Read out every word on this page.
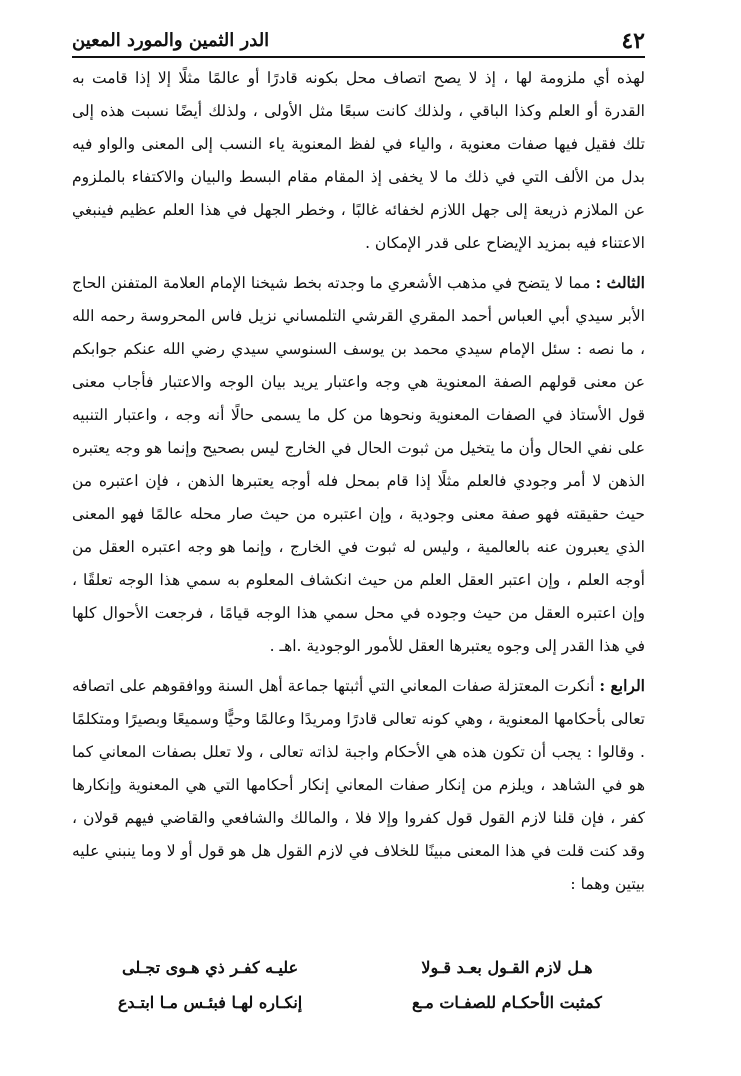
٤٢
الدر الثمين والمورد المعين

لهذه أي ملزومة لها ، إذ لا يصح اتصاف محل بكونه قادرًا أو عالمًا مثلًا إلا إذا قامت به القدرة أو العلم وكذا الباقي ، ولذلك كانت سبعًا مثل الأولى ، ولذلك أيضًا نسبت هذه إلى تلك فقيل فيها صفات معنوية ، والياء في لفظ المعنوية ياء النسب إلى المعنى والواو فيه بدل من الألف التي في ذلك ما لا يخفى إذ المقام مقام البسط والبيان والاكتفاء بالملزوم عن الملازم ذريعة إلى جهل اللازم لخفائه غالبًا ، وخطر الجهل في هذا العلم عظيم فينبغي الاعتناء فيه بمزيد الإيضاح على قدر الإمكان .

الثالث : مما لا يتضح في مذهب الأشعري ما وجدته بخط شيخنا الإمام العلامة المتفنن الحاج الأبر سيدي أبي العباس أحمد المقري القرشي التلمساني نزيل فاس المحروسة رحمه الله ، ما نصه : سئل الإمام سيدي محمد بن يوسف السنوسي سيدي رضي الله عنكم جوابكم عن معنى قولهم الصفة المعنوية هي وجه واعتبار يريد بيان الوجه والاعتبار فأجاب معنى قول الأستاذ في الصفات المعنوية ونحوها من كل ما يسمى حالًا أنه وجه ، واعتبار التنبيه على نفي الحال وأن ما يتخيل من ثبوت الحال في الخارج ليس بصحيح وإنما هو وجه يعتبره الذهن لا أمر وجودي فالعلم مثلًا إذا قام بمحل فله أوجه يعتبرها الذهن ، فإن اعتبره من حيث حقيقته فهو صفة معنى وجودية ، وإن اعتبره من حيث صار محله عالمًا فهو المعنى الذي يعبرون عنه بالعالمية ، وليس له ثبوت في الخارج ، وإنما هو وجه اعتبره العقل من أوجه العلم ، وإن اعتبر العقل العلم من حيث انكشاف المعلوم به سمي هذا الوجه تعلقًا ، وإن اعتبره العقل من حيث وجوده في محل سمي هذا الوجه قيامًا ، فرجعت الأحوال كلها في هذا القدر إلى وجوه يعتبرها العقل للأمور الوجودية .اهـ .

الرابع : أنكرت المعتزلة صفات المعاني التي أثبتها جماعة أهل السنة ووافقوهم على اتصافه تعالى بأحكامها المعنوية ، وهي كونه تعالى قادرًا ومريدًا وعالمًا وحيًّا وسميعًا وبصيرًا ومتكلمًا . وقالوا : يجب أن تكون هذه هي الأحكام واجبة لذاته تعالى ، ولا تعلل بصفات المعاني كما هو في الشاهد ، ويلزم من إنكار صفات المعاني إنكار أحكامها التي هي المعنوية وإنكارها كفر ، فإن قلنا لازم القول قول كفروا وإلا فلا ، والمالك والشافعي والقاضي فيهم قولان ، وقد كنت قلت في هذا المعنى مبينًا للخلاف في لازم القول هل هو قول أو لا وما ينبني عليه بيتين وهما :

هـل لازم القـول بعـد قـولا
عليـه كفـر ذي هـوى تجـلى
كمثبت الأحكـام للصفـات مـع
إنكـاره لهـا فبئـس مـا ابتـدع
